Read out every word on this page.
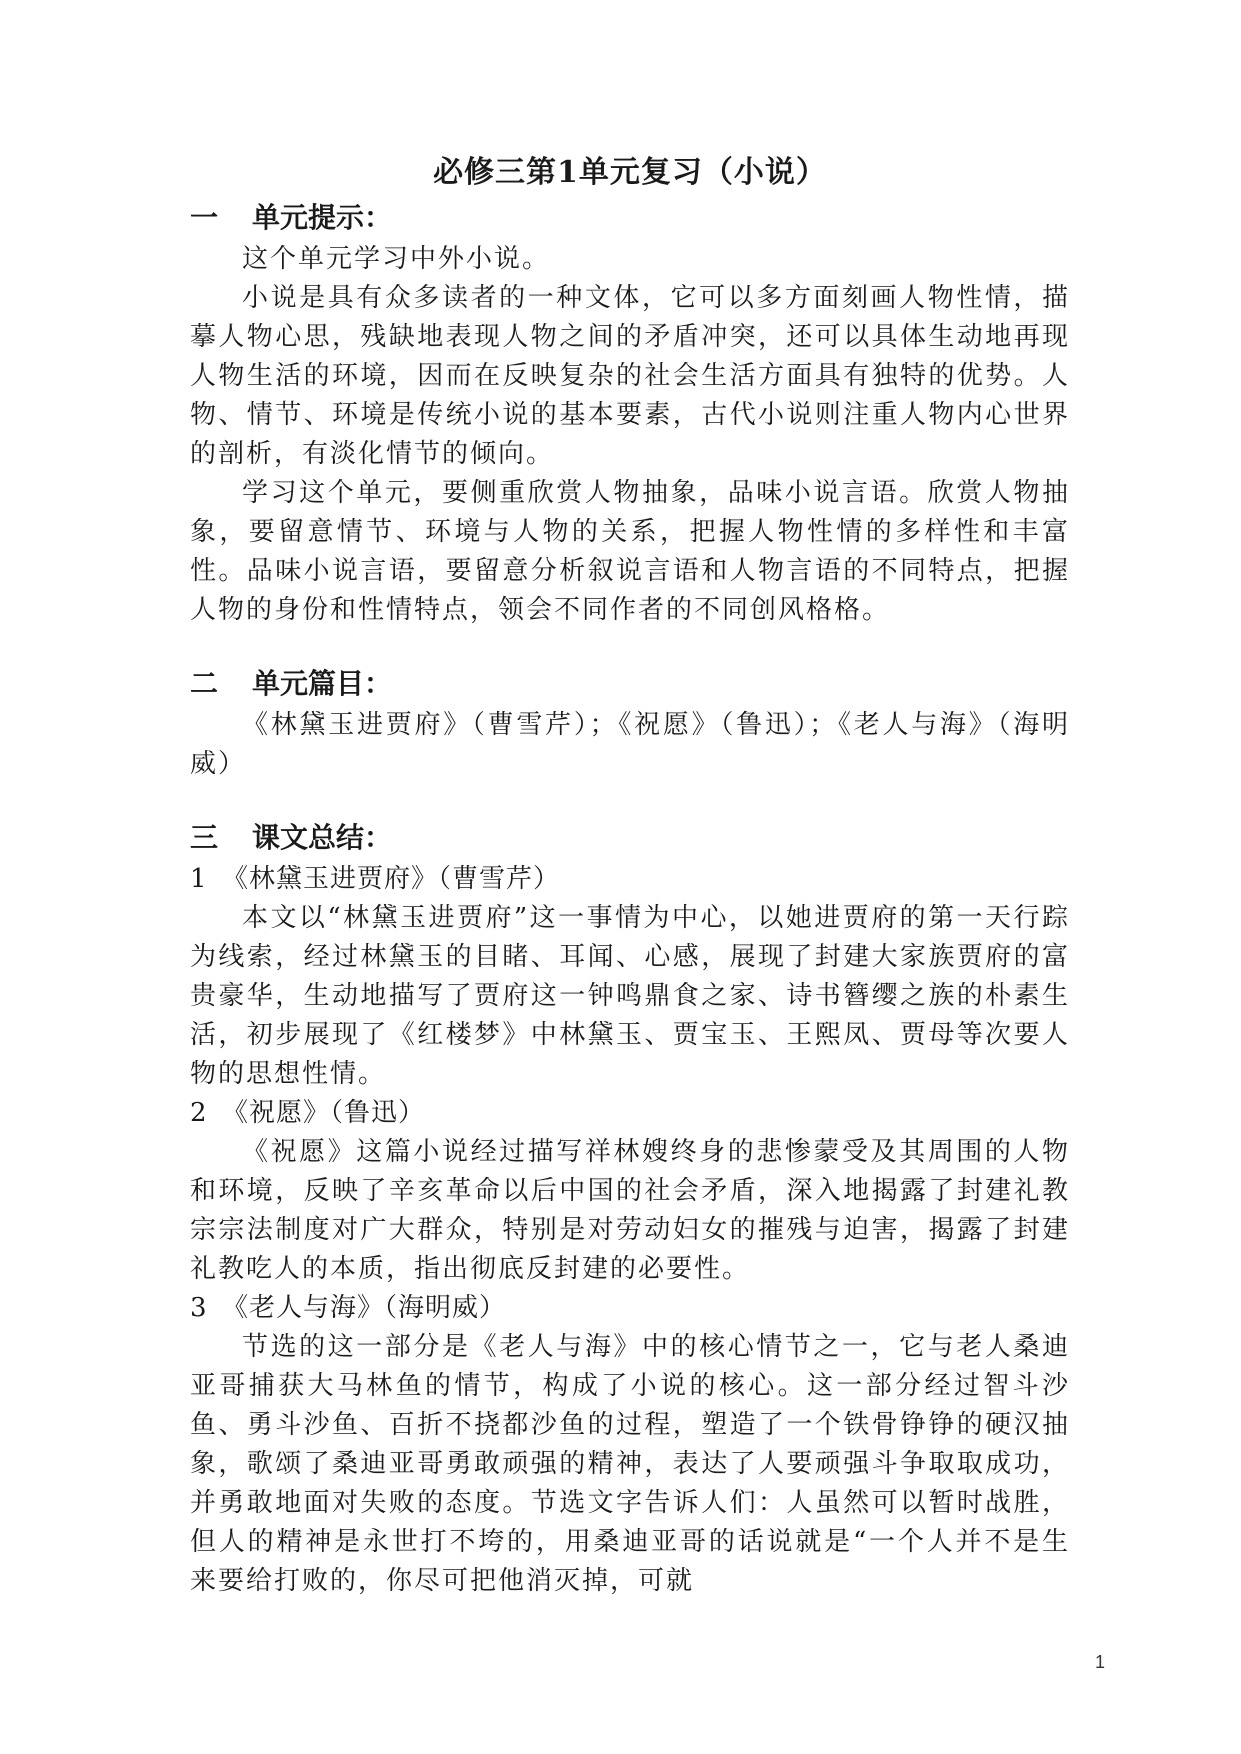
必修三第1单元复习（小说）
一 单元提示：

这个单元学习中外小说。

小说是具有众多读者的一种文体，它可以多方面刻画人物性情，描摹人物心思，残缺地表现人物之间的矛盾冲突，还可以具体生动地再现人物生活的环境，因而在反映复杂的社会生活方面具有独特的优势。人物、情节、环境是传统小说的基本要素，古代小说则注重人物内心世界的剖析，有淡化情节的倾向。

学习这个单元，要侧重欣赏人物抽象，品味小说言语。欣赏人物抽象，要留意情节、环境与人物的关系，把握人物性情的多样性和丰富性。品味小说言语，要留意分析叙说言语和人物言语的不同特点，把握人物的身份和性情特点，领会不同作者的不同创风格格。

二 单元篇目：

《林黛玉进贾府》（曹雪芹）；《祝愿》（鲁迅）；《老人与海》（海明威）

三 课文总结：
1 《林黛玉进贾府》（曹雪芹）

本文以“林黛玉进贾府”这一事情为中心，以她进贾府的第一天行踪为线索，经过林黛玉的目睹、耳闻、心感，展现了封建大家族贾府的富贵豪华，生动地描写了贾府这一钟鸣鼎食之家、诗书簪缨之族的朴素生活，初步展现了《红楼梦》中林黛玉、贾宝玉、王熙凤、贾母等次要人物的思想性情。

2 《祝愿》（鲁迅）

《祝愿》这篇小说经过描写祥林嫂终身的悲惨蒙受及其周围的人物和环境，反映了辛亥革命以后中国的社会矛盾，深入地揭露了封建礼教宗宗法制度对广大群众，特别是对劳动妇女的摧残与迫害，揭露了封建礼教吃人的本质，指出彻底反封建的必要性。

3 《老人与海》（海明威）

节选的这一部分是《老人与海》中的核心情节之一，它与老人桑迪亚哥捕获大马林鱼的情节，构成了小说的核心。这一部分经过智斗沙鱼、勇斗沙鱼、百折不挠都沙鱼的过程，塑造了一个铁骨铮铮的硬汉抽象，歌颂了桑迪亚哥勇敢顽强的精神，表达了人要顽强斗争取取成功，并勇敢地面对失败的态度。节选文字告诉人们：人虽然可以暂时战胜，但人的精神是永世打不垮的，用桑迪亚哥的话说就是“一个人并不是生来要给打败的，你尽可把他消灭掉，可就

1
